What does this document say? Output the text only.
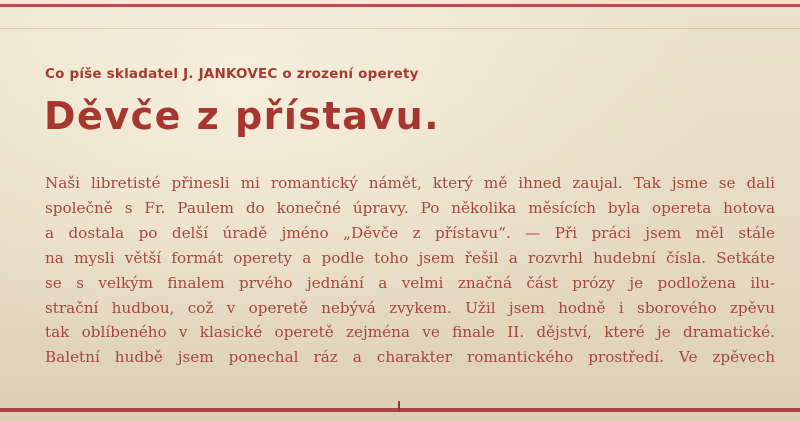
Co píše skladatel J. JANKOVEC o zrození operety
Děvče z přístavu.
Naši libretisté přinesli mi romantický námět, který mě ihned zaujal. Tak jsme se dali
společně s Fr. Paulem do konečné úpravy. Po několika měsících byla opereta hotova
a dostala po delší úradě jméno „Děvče z přístavu“. — Při práci jsem měl stále
na mysli větší formát operety a podle toho jsem řešil a rozvrhl hudební čísla. Setkáte
se s velkým finalem prvého jednání a velmi značná část prózy je podložena ilu-
strační hudbou, což v operetě nebývá zvykem. Užil jsem hodně i sborového zpěvu
tak oblíbeného v klasické operetě zejména ve finale II. dějství, které je dramatické.
Baletní hudbě jsem ponechal ráz a charakter romantického prostředí. Ve zpěvech
